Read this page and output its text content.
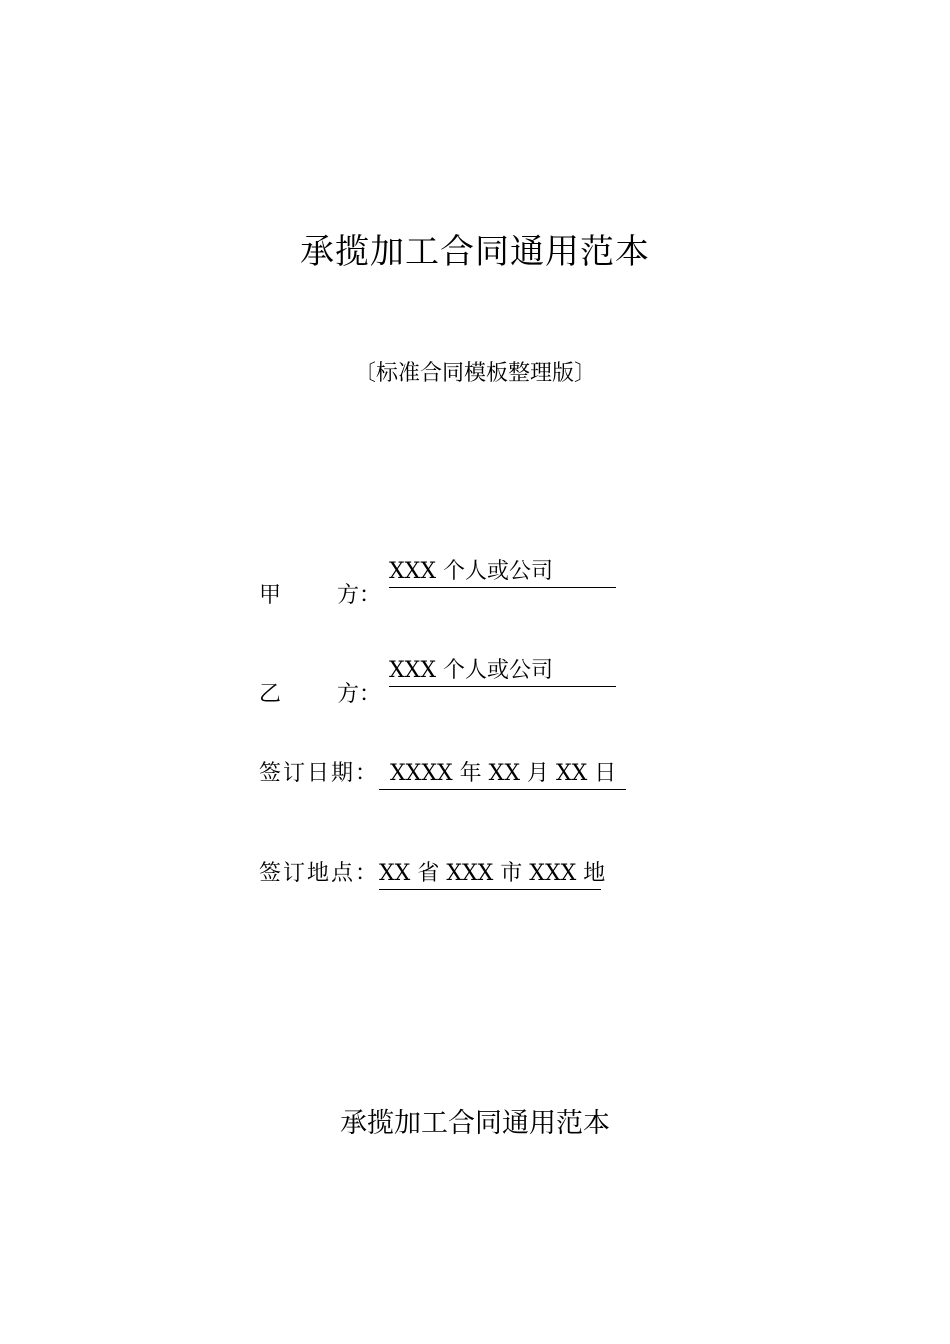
承揽加工合同通用范本
〔标准合同模板整理版〕
甲	方：
XXX 个人或公司
乙	方：
XXX 个人或公司
签订日期： XXXX 年 XX 月 XX 日
签订地点： XX 省 XXX 市 XXX 地
承揽加工合同通用范本
